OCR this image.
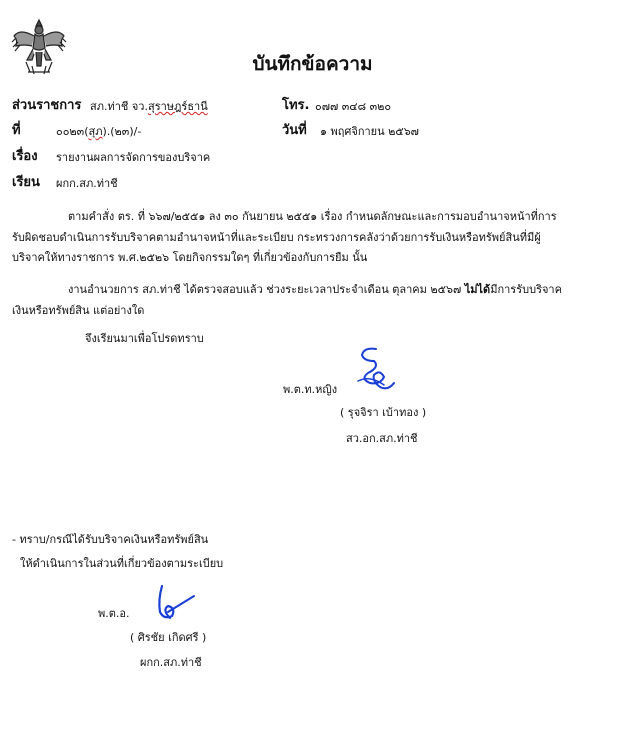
บันทึกข้อความ
ส่วนราชการ สภ.ท่าชี จว.สุราษฎร์ธานี	โทร. ๐๗๗ ๓๔๘ ๓๒๐
ที่	๐๐๒๓(สุภ).(๒๓)/-	วันที่ ๑ พฤศจิกายน ๒๕๖๗
เรื่อง รายงานผลการจัดการของบริจาค
เรียน ผกก.สภ.ท่าชี
ตามคำสั่ง ตร. ที่ ๖๖๗/๒๕๕๑ ลง ๓๐ กันยายน ๒๕๕๑ เรื่อง กำหนดลักษณะและการมอบอำนาจหน้าที่การ
รับผิดชอบดำเนินการรับบริจาคตามอำนาจหน้าที่และระเบียบ กระทรวงการคลังว่าด้วยการรับเงินหรือทรัพย์สินที่มีผู้
บริจาคให้ทางราชการ พ.ศ.๒๕๒๖ โดยกิจกรรมใดๆ ที่เกี่ยวข้องกับการยืม นั้น
งานอำนวยการ สภ.ท่าชี ได้ตรวจสอบแล้ว ช่วงระยะเวลาประจำเดือน ตุลาคม ๒๕๖๗ ไม่ได้มีการรับบริจาค
เงินหรือทรัพย์สิน แต่อย่างใด
จึงเรียนมาเพื่อโปรดทราบ
พ.ต.ท.หญิง
( รุจจิรา เบ้าทอง )
สว.อก.สภ.ท่าชี
- ทราบ/กรณีได้รับบริจาคเงินหรือทรัพย์สิน
ให้ดำเนินการในส่วนที่เกี่ยวข้องตามระเบียบ
พ.ต.อ.
( ศิรชัย เกิดศรี )
ผกก.สภ.ท่าชี
